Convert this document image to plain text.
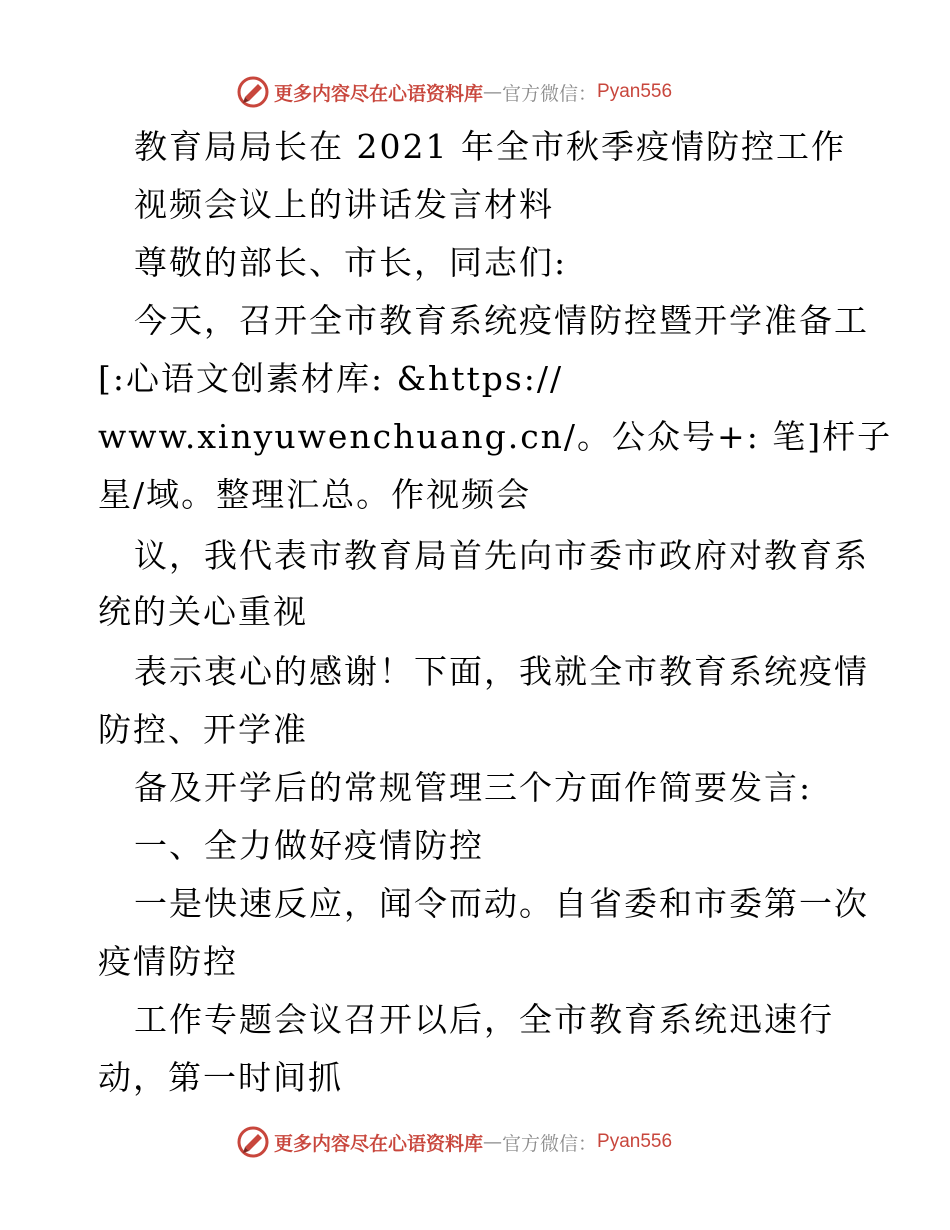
更多内容尽在心语资料库 — 官方微信： Pyan556
教育局局长在 2021 年全市秋季疫情防控工作
视频会议上的讲话发言材料
尊敬的部长、市长，同志们:
今天，召开全市教育系统疫情防控暨开学准备工
[:心语文创素材库: &https://
www.xinyuwenchuang.cn/。公众号+: 笔]杆子
星/域。整理汇总。作视频会
议，我代表市教育局首先向市委市政府对教育系
统的关心重视
表示衷心的感谢！下面，我就全市教育系统疫情
防控、开学准
备及开学后的常规管理三个方面作简要发言:
一、全力做好疫情防控
一是快速反应，闻令而动。自省委和市委第一次
疫情防控
工作专题会议召开以后，全市教育系统迅速行
动，第一时间抓
更多内容尽在心语资料库 — 官方微信： Pyan556
